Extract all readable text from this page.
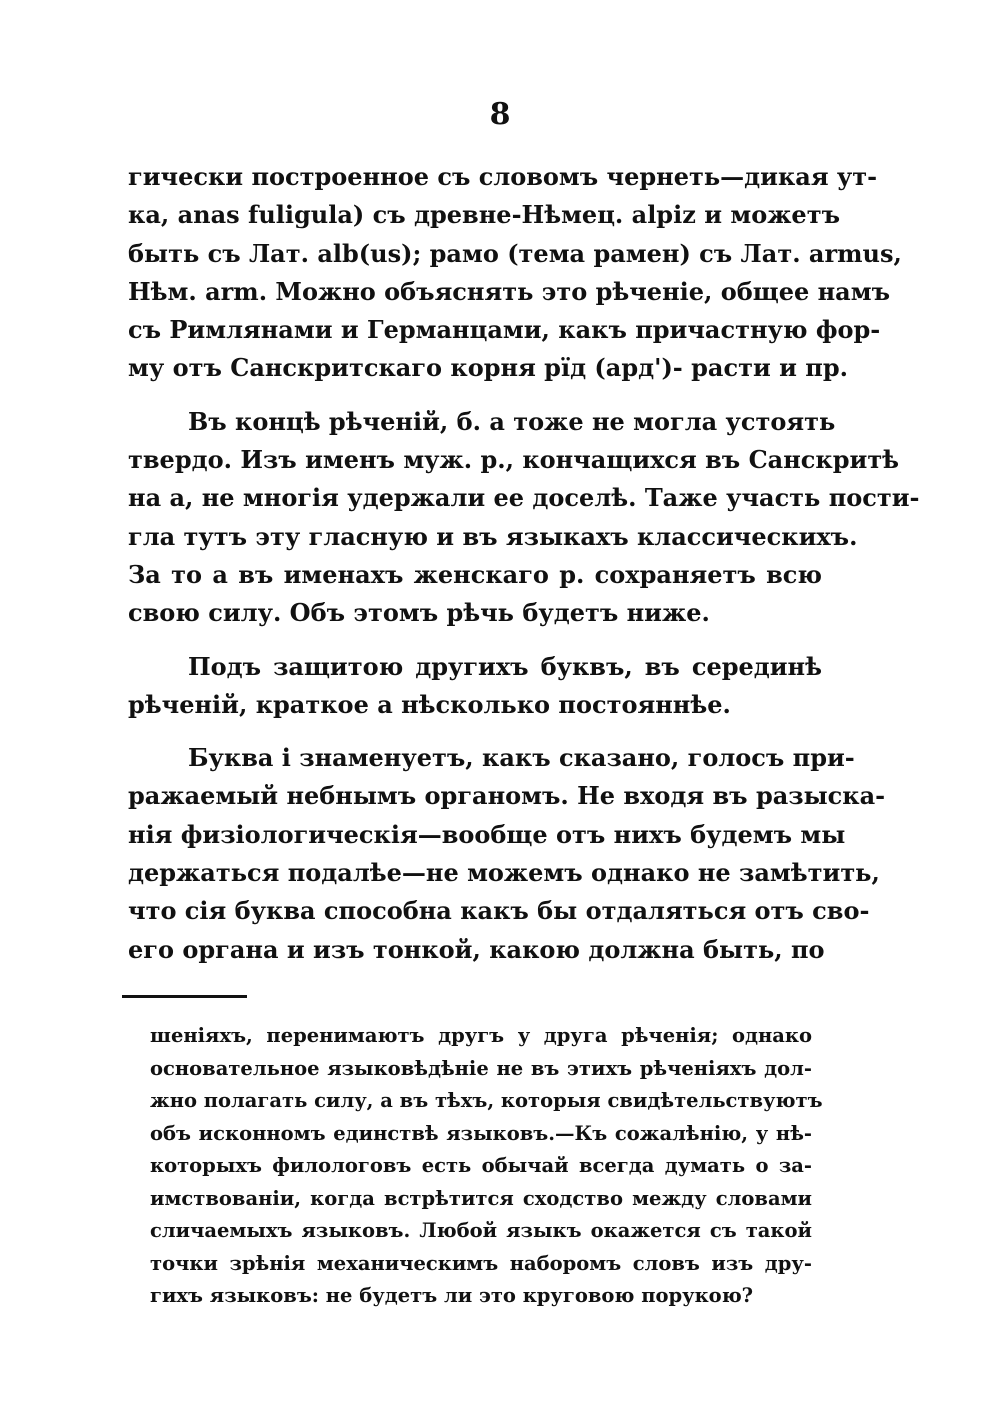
8
гически построенное съ словомъ чернеть—дикая ут-
ка, anas fuligula) съ древне-Нѣмец. alpiz и можетъ
быть съ Лат. alb(us); рамо (тема рамен) съ Лат. armus,
Нѣм. arm. Можно объяснять это рѣченіе, общее намъ
съ Римлянами и Германцами, какъ причастную фор-
му отъ Санскритскаго корня рїд (ард')- расти и пр.
Въ концѣ рѣченій, б. а тоже не могла устоять
твердо. Изъ именъ муж. р., кончащихся въ Санскритѣ
на а, не многія удержали ее доселѣ. Таже участь пости-
гла тутъ эту гласную и въ языкахъ классическихъ.
За то а въ именахъ женскаго р. сохраняетъ всю
свою силу. Объ этомъ рѣчь будетъ ниже.
Подъ защитою другихъ буквъ, въ серединѣ
рѣченій, краткое а нѣсколько постояннѣе.
Буква і знаменуетъ, какъ сказано, голосъ при-
ражаемый небнымъ органомъ. Не входя въ разыска-
нія физіологическія—вообще отъ нихъ будемъ мы
держаться подалѣе—не можемъ однако не замѣтить,
что сія буква способна какъ бы отдаляться отъ сво-
его органа и изъ тонкой, какою должна быть, по
шеніяхъ, перенимаютъ другъ у друга рѣченія; однако
основательное языковѣдѣніе не въ этихъ рѣченіяхъ дол-
жно полагать силу, а въ тѣхъ, которыя свидѣтельствуютъ
объ исконномъ единствѣ языковъ.—Къ сожалѣнію, у нѣ-
которыхъ филологовъ есть обычай всегда думать о за-
имствованіи, когда встрѣтится сходство между словами
сличаемыхъ языковъ. Любой языкъ окажется съ такой
точки зрѣнія механическимъ наборомъ словъ изъ дру-
гихъ языковъ: не будетъ ли это круговою порукою?
